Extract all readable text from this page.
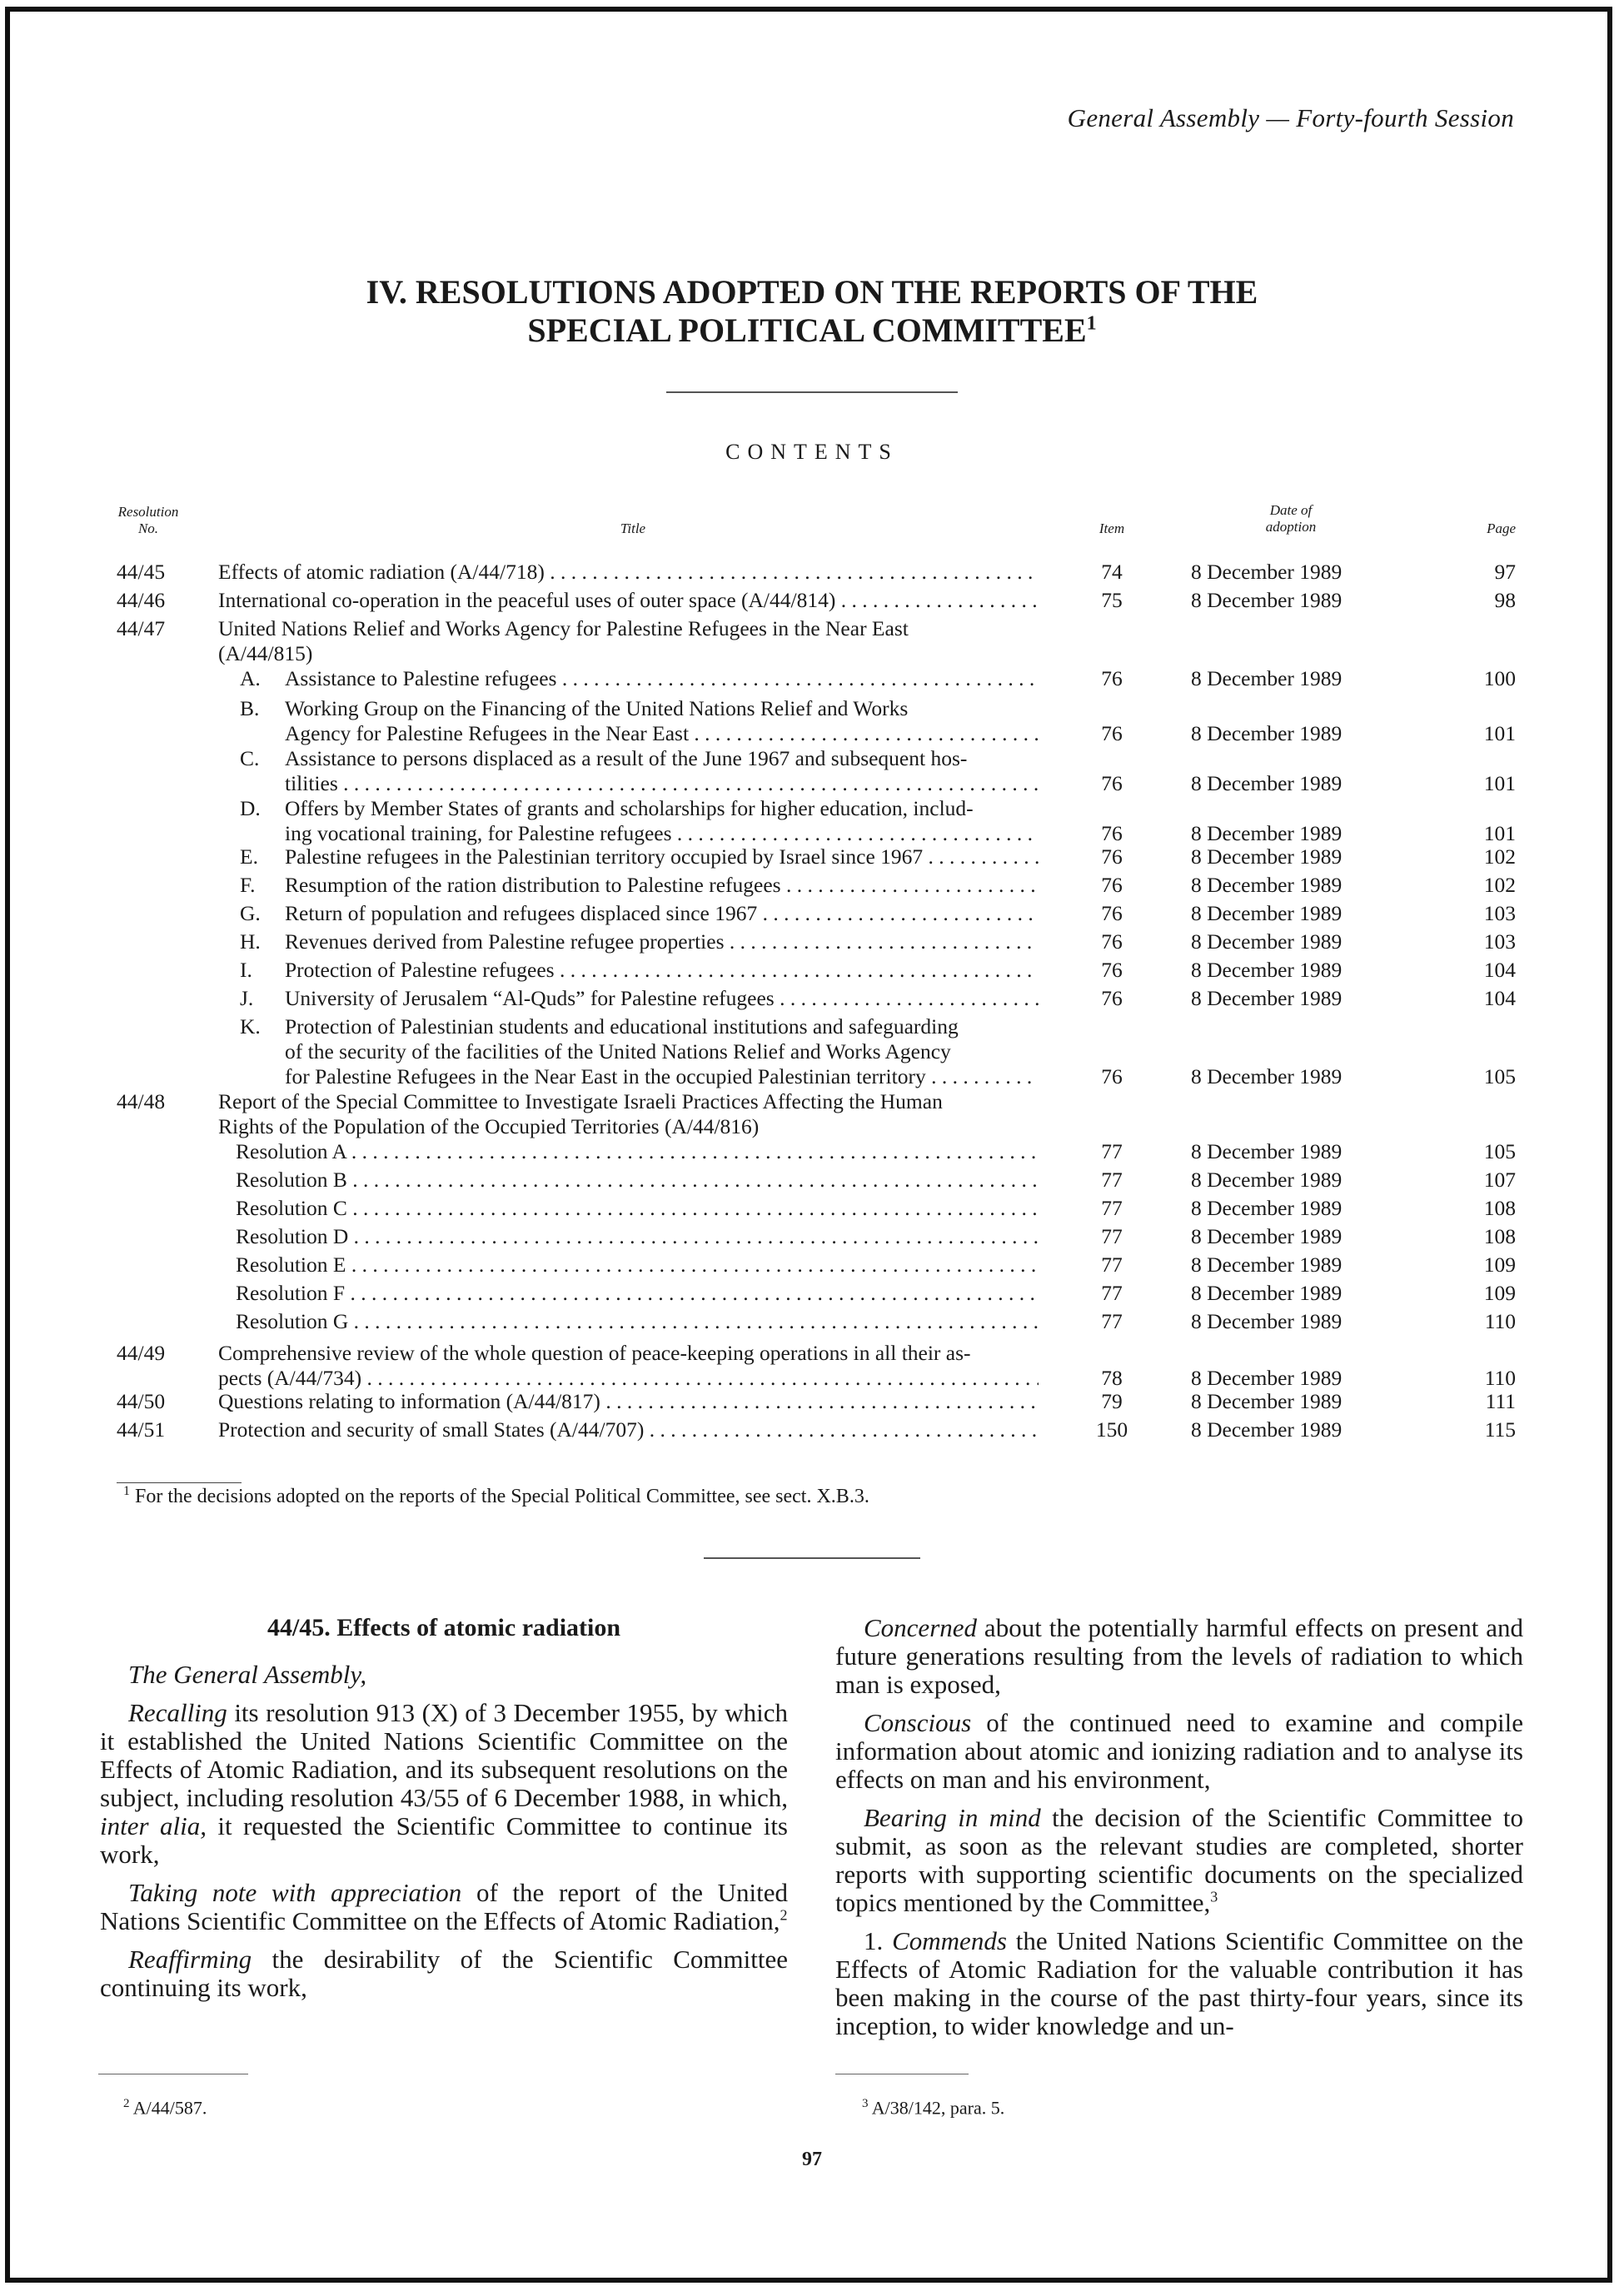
General Assembly — Forty-fourth Session
IV. RESOLUTIONS ADOPTED ON THE REPORTS OF THE
SPECIAL POLITICAL COMMITTEE$^1$
CONTENTS
Resolution
No.	Title	Item
Date of
adoption	Page
44/45	Effects of atomic radiation (A/44/718) . . .	74	8 December 1989	97
44/46	International co-operation in the peaceful uses of outer space (A/44/814) . . .	75	8 December 1989	98
44/47	United Nations Relief and Works Agency for Palestine Refugees in the Near East
(A/44/815)
A. Assistance to Palestine refugees . . .	76	8 December 1989	100
B. Working Group on the Financing of the United Nations Relief and Works
Agency for Palestine Refugees in the Near East . . .	76	8 December 1989	101
C. Assistance to persons displaced as a result of the June 1967 and subsequent hos-
tilities . . .	76	8 December 1989	101
D. Offers by Member States of grants and scholarships for higher education, includ-
ing vocational training, for Palestine refugees . . .	76	8 December 1989	101
E. Palestine refugees in the Palestinian territory occupied by Israel since 1967 . . .	76	8 December 1989	102
F. Resumption of the ration distribution to Palestine refugees . . .	76	8 December 1989	102
G. Return of population and refugees displaced since 1967 . . .	76	8 December 1989	103
H. Revenues derived from Palestine refugee properties . . .	76	8 December 1989	103
I. Protection of Palestine refugees . . .	76	8 December 1989	104
J. University of Jerusalem “Al-Quds” for Palestine refugees . . .	76	8 December 1989	104
K. Protection of Palestinian students and educational institutions and safeguarding
of the security of the facilities of the United Nations Relief and Works Agency
for Palestine Refugees in the Near East in the occupied Palestinian territory . . .	76	8 December 1989	105
44/48	Report of the Special Committee to Investigate Israeli Practices Affecting the Human
Rights of the Population of the Occupied Territories (A/44/816)
Resolution A . . .	77	8 December 1989	105
Resolution B . . .	77	8 December 1989	107
Resolution C . . .	77	8 December 1989	108
Resolution D . . .	77	8 December 1989	108
Resolution E . . .	77	8 December 1989	109
Resolution F . . .	77	8 December 1989	109
Resolution G . . .	77	8 December 1989	110
44/49	Comprehensive review of the whole question of peace-keeping operations in all their as-
pects (A/44/734) . . .	78	8 December 1989	110
44/50	Questions relating to information (A/44/817) . . .	79	8 December 1989	111
44/51	Protection and security of small States (A/44/707) . . .	150	8 December 1989	115
$^1$ For the decisions adopted on the reports of the Special Political Committee, see sect. X.B.3.

44/45. Effects of atomic radiation

The General Assembly,

Recalling its resolution 913 (X) of 3 December 1955, by which it established the United Nations Scientific Committee on the Effects of Atomic Radiation, and its subsequent resolutions on the subject, including resolution 43/55 of 6 December 1988, in which, inter alia, it requested the Scientific Committee to continue its work,

Taking note with appreciation of the report of the United Nations Scientific Committee on the Effects of Atomic Radiation,$^2$

Reaffirming the desirability of the Scientific Committee continuing its work,

Concerned about the potentially harmful effects on present and future generations resulting from the levels of radiation to which man is exposed,

Conscious of the continued need to examine and compile information about atomic and ionizing radiation and to analyse its effects on man and his environment,

Bearing in mind the decision of the Scientific Committee to submit, as soon as the relevant studies are completed, shorter reports with supporting scientific documents on the specialized topics mentioned by the Committee,$^3$

1. Commends the United Nations Scientific Committee on the Effects of Atomic Radiation for the valuable contribution it has been making in the course of the past thirty-four years, since its inception, to wider knowledge and un-

$^2$ A/44/587.	$^3$ A/38/142, para. 5.
97
